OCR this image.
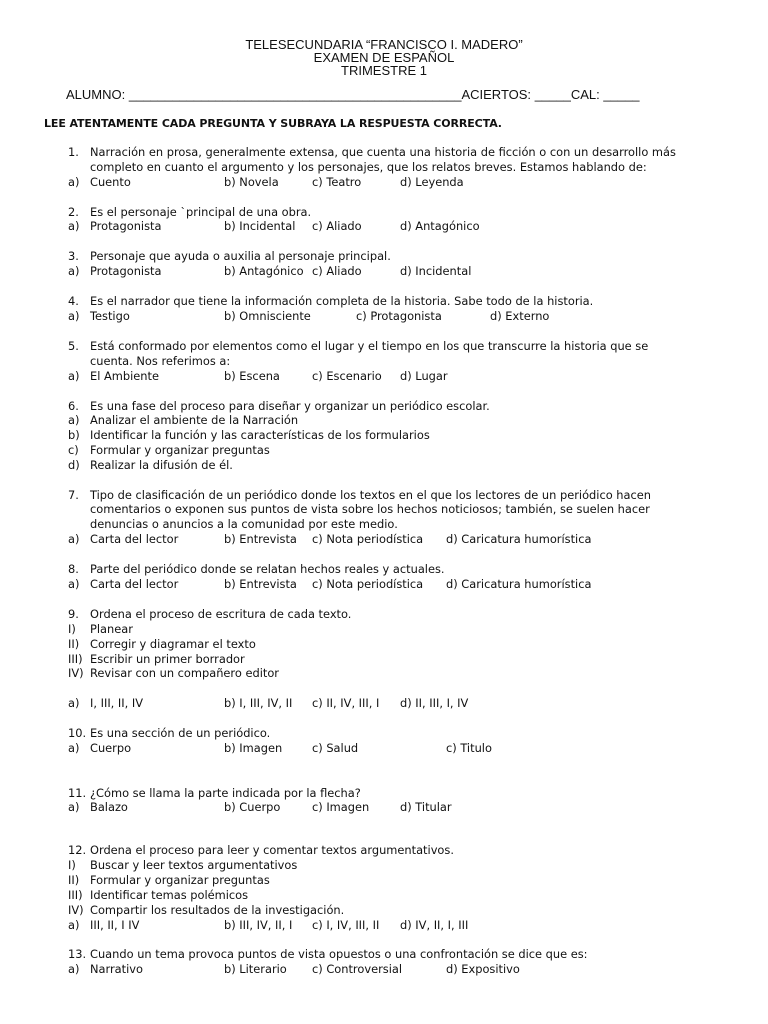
TELESECUNDARIA “FRANCISCO I. MADERO”
EXAMEN DE ESPAÑOL
TRIMESTRE 1
ALUMNO: ______________________________________________ACIERTOS: _____CAL: _____
LEE ATENTAMENTE CADA PREGUNTA Y SUBRAYA LA RESPUESTA CORRECTA.
1. Narración en prosa, generalmente extensa, que cuenta una historia de ficción o con un desarrollo más
completo en cuanto el argumento y los personajes, que los relatos breves. Estamos hablando de:
a) Cuento	b) Novela	c) Teatro	d) Leyenda
2. Es el personaje `principal de una obra.
a) Protagonista	b) Incidental c) Aliado	d) Antagónico
3. Personaje que ayuda o auxilia al personaje principal.
a) Protagonista	b) Antagónico c) Aliado	d) Incidental
4. Es el narrador que tiene la información completa de la historia. Sabe todo de la historia.
a) Testigo	b) Omnisciente	c) Protagonista	d) Externo
5. Está conformado por elementos como el lugar y el tiempo en los que transcurre la historia que se
cuenta. Nos referimos a:
a) El Ambiente	b) Escena	c) Escenario d) Lugar
6. Es una fase del proceso para diseñar y organizar un periódico escolar.
a) Analizar el ambiente de la Narración
b) Identificar la función y las características de los formularios
c) Formular y organizar preguntas
d) Realizar la difusión de él.
7. Tipo de clasificación de un periódico donde los textos en el que los lectores de un periódico hacen
comentarios o exponen sus puntos de vista sobre los hechos noticiosos; también, se suelen hacer
denuncias o anuncios a la comunidad por este medio.
a) Carta del lector	b) Entrevista c) Nota periodística d) Caricatura humorística
8. Parte del periódico donde se relatan hechos reales y actuales.
a) Carta del lector	b) Entrevista c) Nota periodística d) Caricatura humorística
9. Ordena el proceso de escritura de cada texto.
I) Planear
II) Corregir y diagramar el texto
III) Escribir un primer borrador
IV) Revisar con un compañero editor
a) I, III, II, IV	b) I, III, IV, II c) II, IV, III, I d) II, III, I, IV
10. Es una sección de un periódico.
a) Cuerpo	b) Imagen	c) Salud	c) Titulo
11. ¿Cómo se llama la parte indicada por la flecha?
a) Balazo	b) Cuerpo	c) Imagen	d) Titular
12. Ordena el proceso para leer y comentar textos argumentativos.
I) Buscar y leer textos argumentativos
II) Formular y organizar preguntas
III) Identificar temas polémicos
IV) Compartir los resultados de la investigación.
a) III, II, I IV	b) III, IV, II, I c) I, IV, III, II d) IV, II, I, III
13. Cuando un tema provoca puntos de vista opuestos o una confrontación se dice que es:
a) Narrativo	b) Literario c) Controversial	d) Expositivo
